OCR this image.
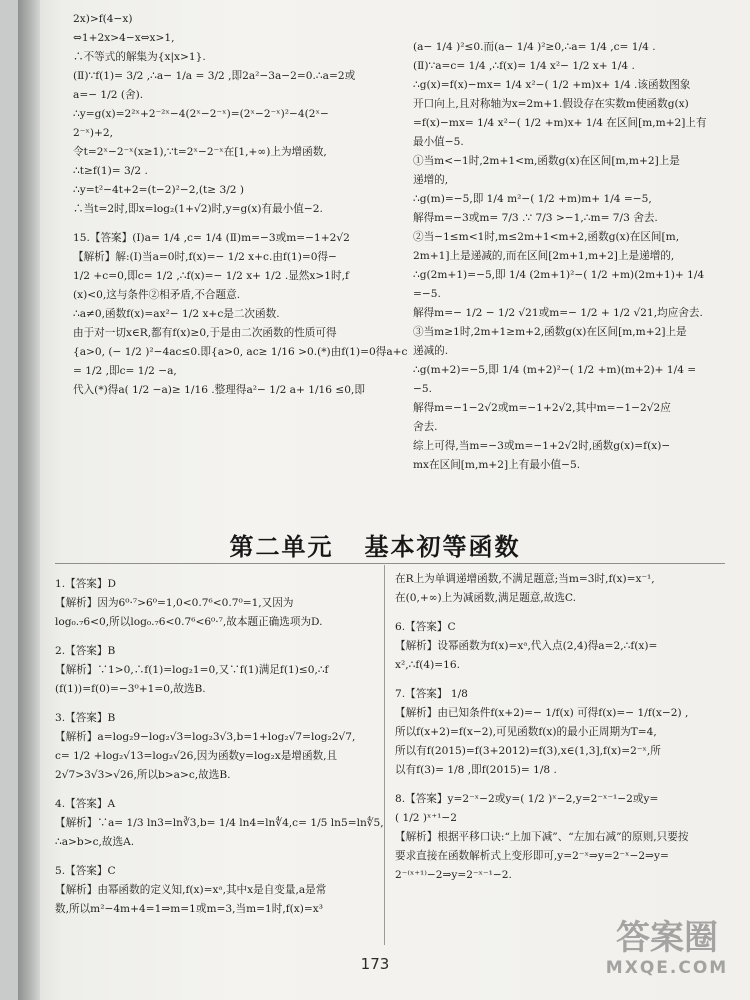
2x)>f(4−x)
⇔1+2x>4−x⇔x>1,
∴不等式的解集为{x|x>1}.
(Ⅱ)∵f(1)= 3/2 ,∴a− 1/a = 3/2 ,即2a²−3a−2=0.∴a=2或
a=− 1/2 (舍).
∴y=g(x)=2²ˣ+2⁻²ˣ−4(2ˣ−2⁻ˣ)=(2ˣ−2⁻ˣ)²−4(2ˣ−
2⁻ˣ)+2,
令t=2ˣ−2⁻ˣ(x≥1),∵t=2ˣ−2⁻ˣ在[1,+∞)上为增函数,
∴t≥f(1)= 3/2 .
∴y=t²−4t+2=(t−2)²−2,(t≥ 3/2 )
∴当t=2时,即x=log₂(1+√2)时,y=g(x)有最小值−2.
15.【答案】(Ⅰ)a= 1/4 ,c= 1/4 (Ⅱ)m=−3或m=−1+2√2
【解析】解:(Ⅰ)当a=0时,f(x)=− 1/2 x+c.由f(1)=0得−
1/2 +c=0,即c= 1/2 ,∴f(x)=− 1/2 x+ 1/2 .显然x>1时,f
(x)<0,这与条件②相矛盾,不合题意.
∴a≠0,函数f(x)=ax²− 1/2 x+c是二次函数.
由于对一切x∈R,都有f(x)≥0,于是由二次函数的性质可得
{a>0, (− 1/2 )²−4ac≤0.即{a>0, ac≥ 1/16 >0.(*)由f(1)=0得a+c
= 1/2 ,即c= 1/2 −a,
代入(*)得a( 1/2 −a)≥ 1/16 .整理得a²− 1/2 a+ 1/16 ≤0,即
(a− 1/4 )²≤0.而(a− 1/4 )²≥0,∴a= 1/4 ,c= 1/4 .
(Ⅱ)∵a=c= 1/4 ,∴f(x)= 1/4 x²− 1/2 x+ 1/4 .
∴g(x)=f(x)−mx= 1/4 x²−( 1/2 +m)x+ 1/4 .该函数图象
开口向上,且对称轴为x=2m+1.假设存在实数m使函数g(x)
=f(x)−mx= 1/4 x²−( 1/2 +m)x+ 1/4 在区间[m,m+2]上有
最小值−5.
①当m<−1时,2m+1<m,函数g(x)在区间[m,m+2]上是
递增的,
∴g(m)=−5,即 1/4 m²−( 1/2 +m)m+ 1/4 =−5,
解得m=−3或m= 7/3 .∵ 7/3 >−1,∴m= 7/3 舍去.
②当−1≤m<1时,m≤2m+1<m+2,函数g(x)在区间[m,
2m+1]上是递减的,而在区间[2m+1,m+2]上是递增的,
∴g(2m+1)=−5,即 1/4 (2m+1)²−( 1/2 +m)(2m+1)+ 1/4
=−5.
解得m=− 1/2 − 1/2 √21或m=− 1/2 + 1/2 √21,均应舍去.
③当m≥1时,2m+1≥m+2,函数g(x)在区间[m,m+2]上是
递减的.
∴g(m+2)=−5,即 1/4 (m+2)²−( 1/2 +m)(m+2)+ 1/4 =
−5.
解得m=−1−2√2或m=−1+2√2,其中m=−1−2√2应
舍去.
综上可得,当m=−3或m=−1+2√2时,函数g(x)=f(x)−
mx在区间[m,m+2]上有最小值−5.
第二单元   基本初等函数
1.【答案】D
【解析】因为6⁰·⁷>6⁰=1,0<0.7⁶<0.7⁰=1,又因为
log₀.₇6<0,所以log₀.₇6<0.7⁶<6⁰·⁷,故本题正确选项为D.
2.【答案】B
【解析】∵1>0,∴f(1)=log₂1=0,又∵f(1)满足f(1)≤0,∴f
(f(1))=f(0)=−3⁰+1=0,故选B.
3.【答案】B
【解析】a=log₂9−log₂√3=log₂3√3,b=1+log₂√7=log₂2√7,
c= 1/2 +log₂√13=log₂√26,因为函数y=log₂x是增函数,且
2√7>3√3>√26,所以b>a>c,故选B.
4.【答案】A
【解析】∵a= 1/3 ln3=ln∛3,b= 1/4 ln4=ln∜4,c= 1/5 ln5=ln∜5,
∴a>b>c,故选A.
5.【答案】C
【解析】由幂函数的定义知,f(x)=xᵃ,其中x是自变量,a是常
数,所以m²−4m+4=1⇒m=1或m=3,当m=1时,f(x)=x³
在R上为单调递增函数,不满足题意;当m=3时,f(x)=x⁻¹,
在(0,+∞)上为减函数,满足题意,故选C.
6.【答案】C
【解析】设幂函数为f(x)=xᵃ,代入点(2,4)得a=2,∴f(x)=
x²,∴f(4)=16.
7.【答案】 1/8
【解析】由已知条件f(x+2)=− 1/f(x) 可得f(x)=− 1/f(x−2) ,
所以f(x+2)=f(x−2),可见函数f(x)的最小正周期为T=4,
所以有f(2015)=f(3+2012)=f(3),x∈(1,3],f(x)=2⁻ˣ,所
以有f(3)= 1/8 ,即f(2015)= 1/8 .
8.【答案】y=2⁻ˣ−2或y=( 1/2 )ˣ−2,y=2⁻ˣ⁻¹−2或y=
( 1/2 )ˣ⁺¹−2
【解析】根据平移口诀:“上加下减”、“左加右减”的原则,只要按
要求直接在函数解析式上变形即可,y=2⁻ˣ⇒y=2⁻ˣ−2⇒y=
2⁻⁽ˣ⁺¹⁾−2⇒y=2⁻ˣ⁻¹−2.
173
答案圈
MXQE.COM
